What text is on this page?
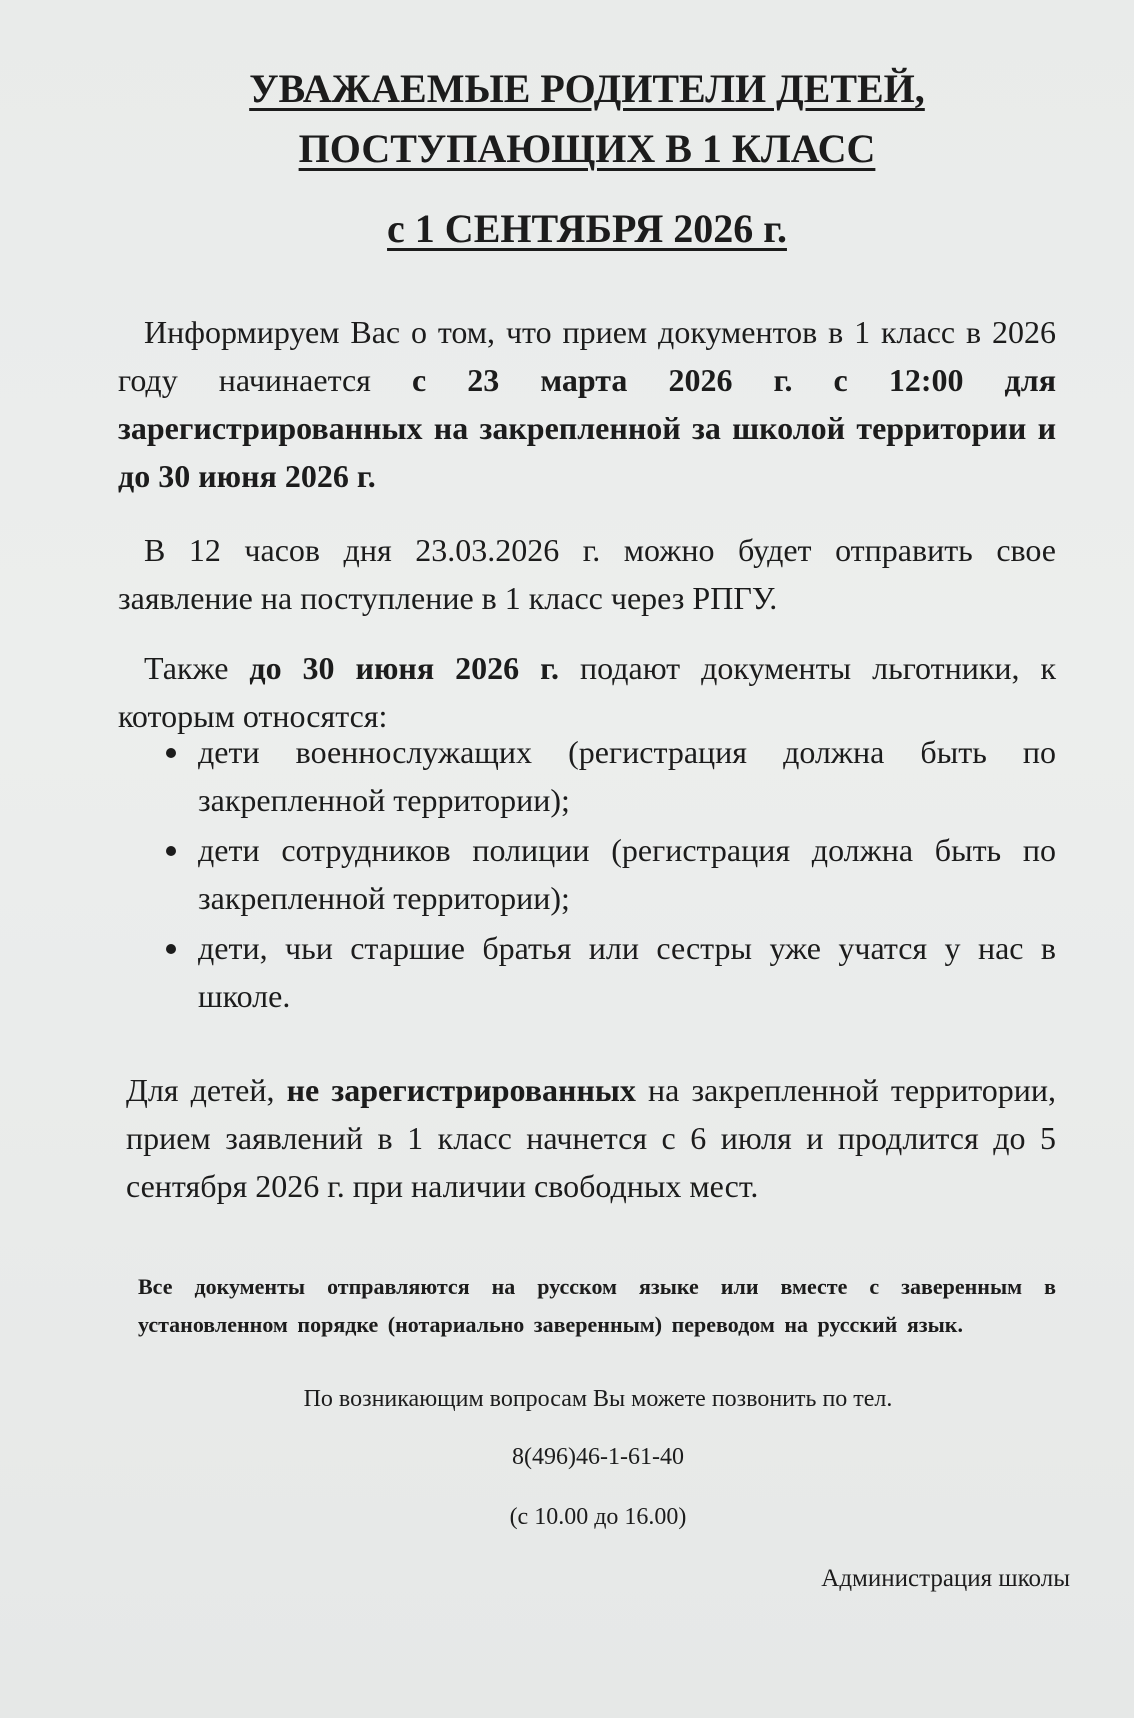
УВАЖАЕМЫЕ РОДИТЕЛИ ДЕТЕЙ,
ПОСТУПАЮЩИХ В 1 КЛАСС
с 1 СЕНТЯБРЯ 2026 г.

Информируем Вас о том, что прием документов в 1 класс в 2026 году начинается с 23 марта 2026 г. с 12:00 для зарегистрированных на закрепленной за школой территории и до 30 июня 2026 г.

В 12 часов дня 23.03.2026 г. можно будет отправить свое заявление на поступление в 1 класс через РПГУ.

Также до 30 июня 2026 г. подают документы льготники, к которым относятся:

дети военнослужащих (регистрация должна быть по закрепленной территории);
дети сотрудников полиции (регистрация должна быть по закрепленной территории);
дети, чьи старшие братья или сестры уже учатся у нас в школе.

Для детей, не зарегистрированных на закрепленной территории, прием заявлений в 1 класс начнется с 6 июля и продлится до 5 сентября 2026 г. при наличии свободных мест.

Все документы отправляются на русском языке или вместе с заверенным в установленном порядке (нотариально заверенным) переводом на русский язык.

По возникающим вопросам Вы можете позвонить по тел.
8(496)46-1-61-40
(с 10.00 до 16.00)
Администрация школы
